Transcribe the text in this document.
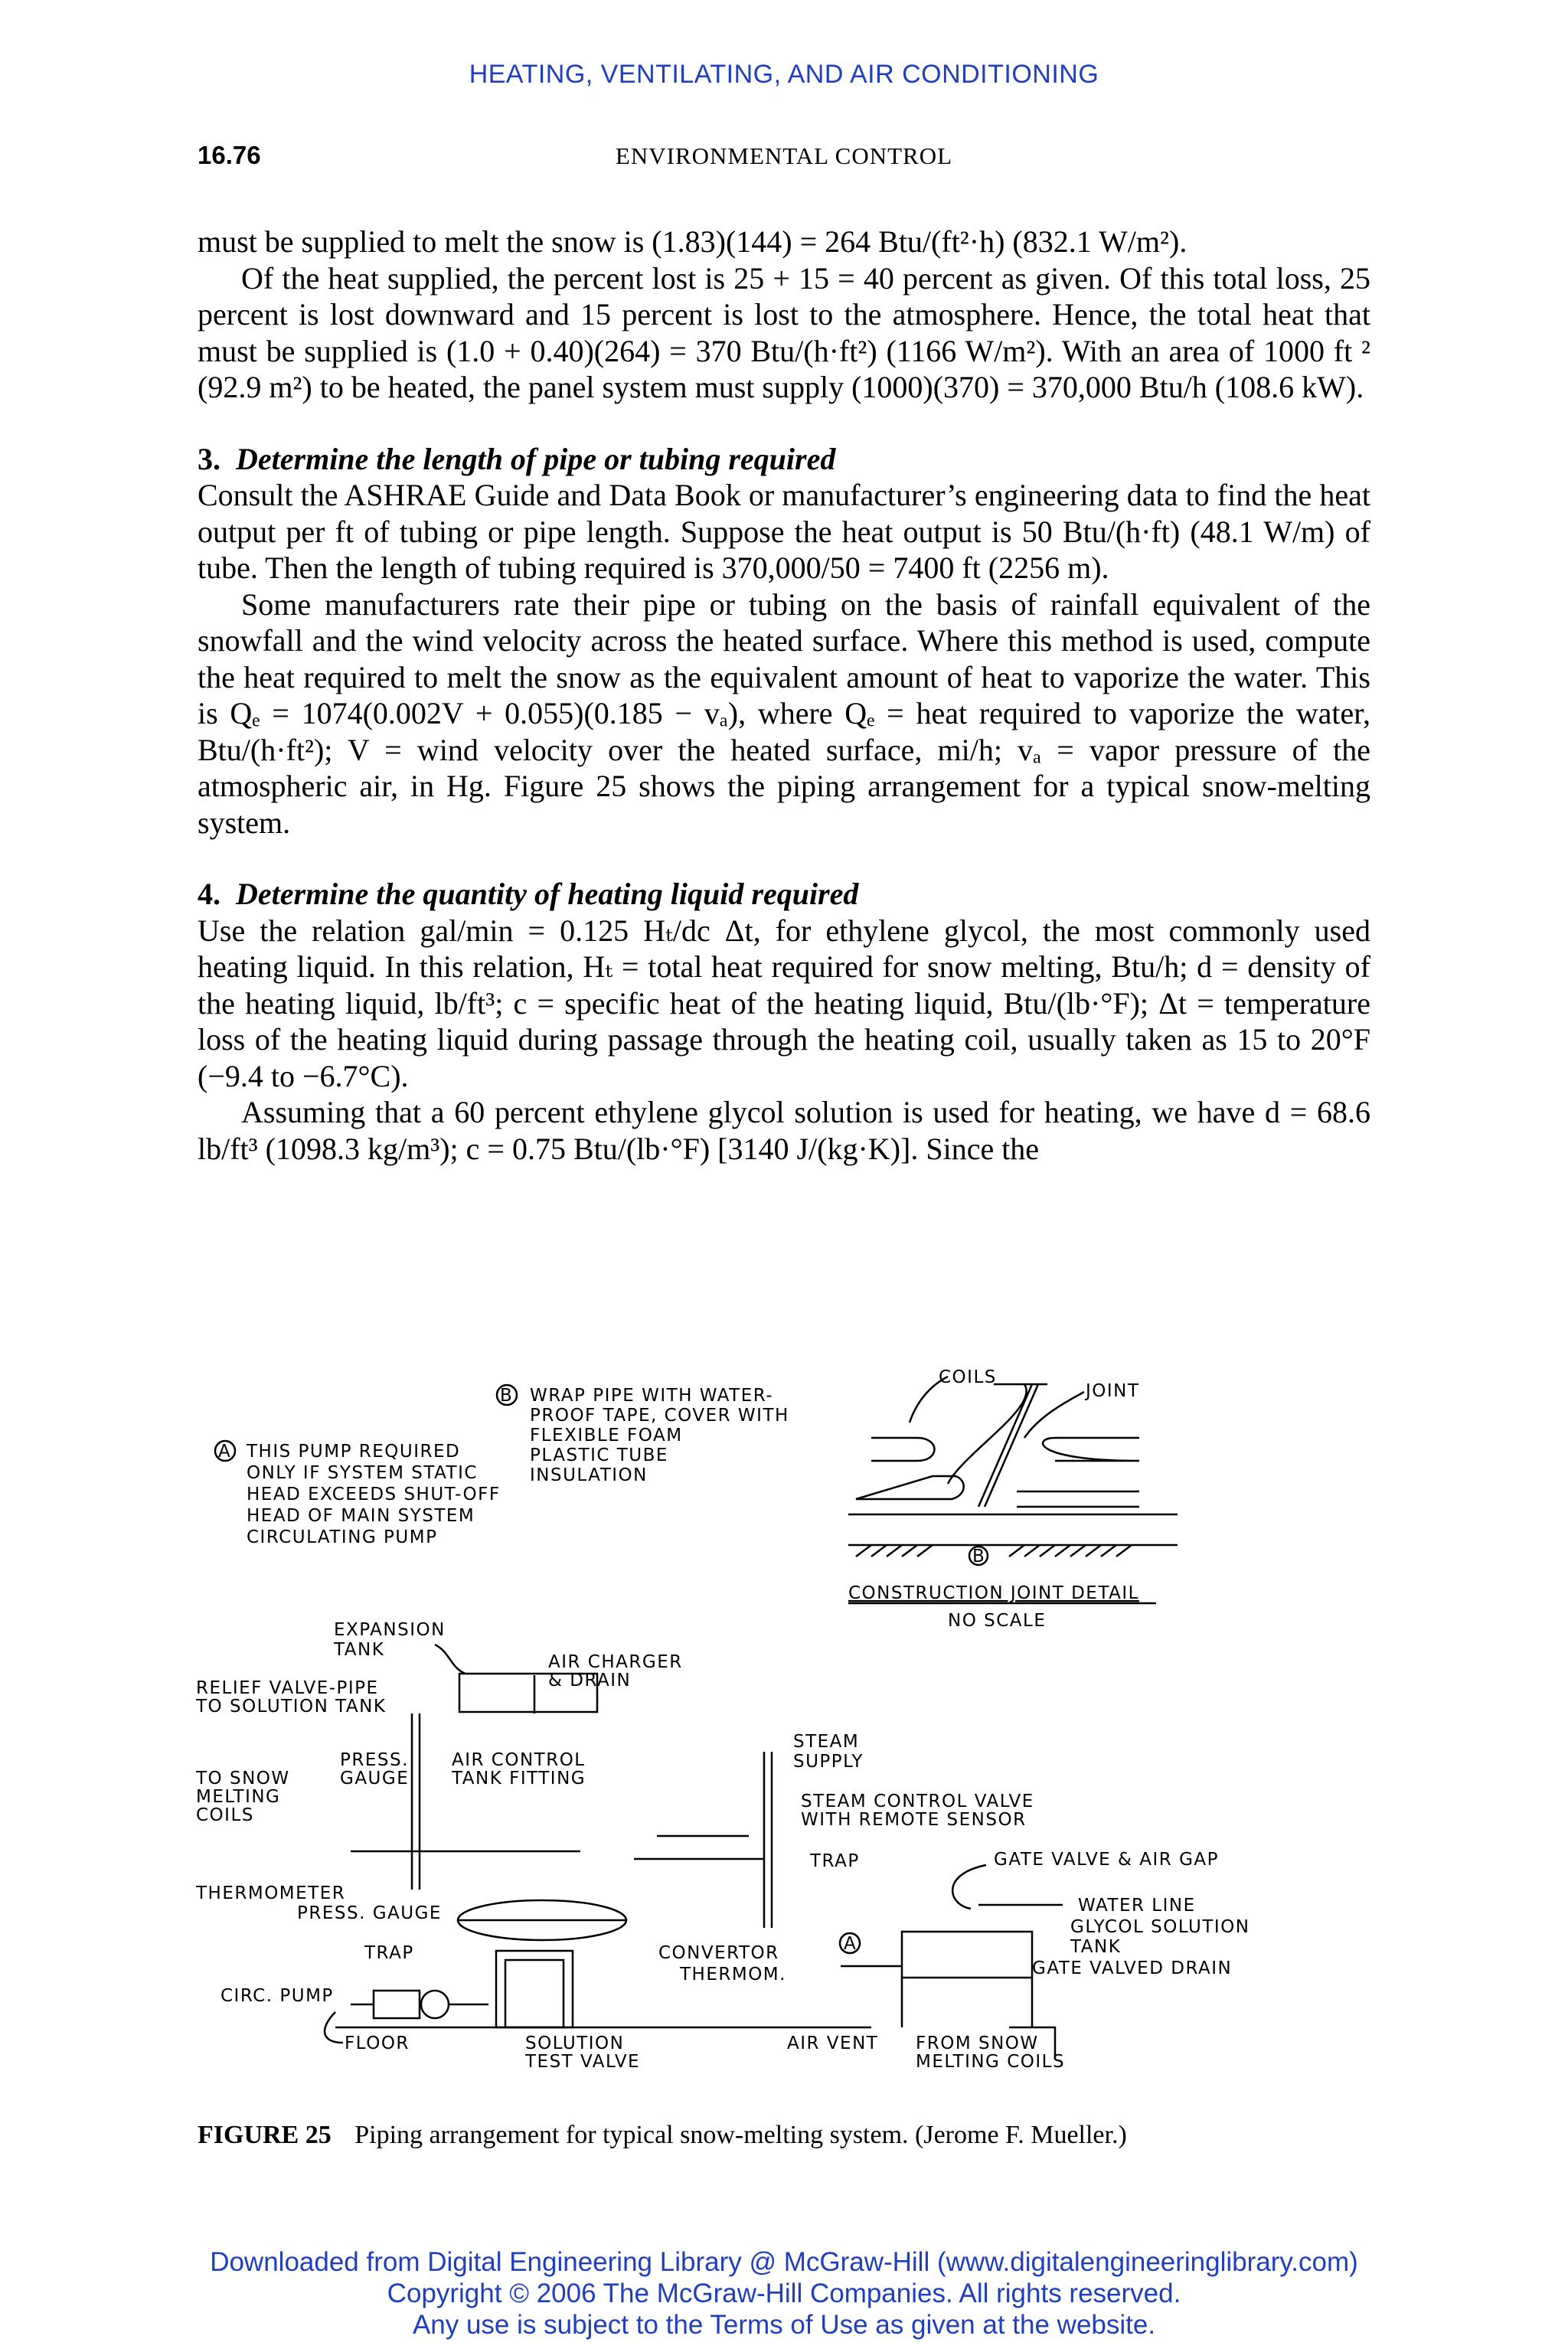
HEATING, VENTILATING, AND AIR CONDITIONING
16.76	ENVIRONMENTAL CONTROL

must be supplied to melt the snow is (1.83)(144) = 264 Btu/(ft²·h) (832.1 W/m²).

Of the heat supplied, the percent lost is 25 + 15 = 40 percent as given. Of this total loss, 25 percent is lost downward and 15 percent is lost to the atmosphere. Hence, the total heat that must be supplied is (1.0 + 0.40)(264) = 370 Btu/(h·ft²) (1166 W/m²). With an area of 1000 ft ² (92.9 m²) to be heated, the panel system must supply (1000)(370) = 370,000 Btu/h (108.6 kW).

3. Determine the length of pipe or tubing required

Consult the ASHRAE Guide and Data Book or manufacturer’s engineering data to find the heat output per ft of tubing or pipe length. Suppose the heat output is 50 Btu/(h·ft) (48.1 W/m) of tube. Then the length of tubing required is 370,000/50 = 7400 ft (2256 m).

Some manufacturers rate their pipe or tubing on the basis of rainfall equivalent of the snowfall and the wind velocity across the heated surface. Where this method is used, compute the heat required to melt the snow as the equivalent amount of heat to vaporize the water. This is Qₑ = 1074(0.002V + 0.055)(0.185 − vₐ), where Qₑ = heat required to vaporize the water, Btu/(h·ft²); V = wind velocity over the heated surface, mi/h; vₐ = vapor pressure of the atmospheric air, in Hg. Figure 25 shows the piping arrangement for a typical snow-melting system.

4. Determine the quantity of heating liquid required

Use the relation gal/min = 0.125 Hₜ/dc Δt, for ethylene glycol, the most commonly used heating liquid. In this relation, Hₜ = total heat required for snow melting, Btu/h; d = density of the heating liquid, lb/ft³; c = specific heat of the heating liquid, Btu/(lb·°F); Δt = temperature loss of the heating liquid during passage through the heating coil, usually taken as 15 to 20°F (−9.4 to −6.7°C).

Assuming that a 60 percent ethylene glycol solution is used for heating, we have d = 68.6 lb/ft³ (1098.3 kg/m³); c = 0.75 Btu/(lb·°F) [3140 J/(kg·K)]. Since the

A THIS PUMP REQUIRED
ONLY IF SYSTEM STATIC
HEAD EXCEEDS SHUT-OFF
HEAD OF MAIN SYSTEM
CIRCULATING PUMP
B WRAP PIPE WITH WATER-
PROOF TAPE, COVER WITH
FLEXIBLE FOAM
PLASTIC TUBE
INSULATION
COILS
JOINT
B
CONSTRUCTION JOINT DETAIL
NO SCALE
EXPANSION
TANK
AIR CHARGER
& DRAIN
RELIEF VALVE-PIPE
TO SOLUTION TANK
STEAM
SUPPLY
PRESS.
GAUGE
AIR CONTROL
TANK FITTING
TO SNOW
MELTING
COILS
STEAM CONTROL VALVE
WITH REMOTE SENSOR
TRAP	GATE VALVE & AIR GAP
WATER LINE
THERMOMETER
PRESS. GAUGE
GLYCOL SOLUTION
TANK
TRAP	CONVERTOR
THERMOM.	GATE VALVED DRAIN
CIRC. PUMP
FLOOR	SOLUTION
TEST VALVE
AIR VENT FROM SNOW
MELTING COILS
A
FIGURE 25 Piping arrangement for typical snow-melting system. (Jerome F. Mueller.)
Downloaded from Digital Engineering Library @ McGraw-Hill (www.digitalengineeringlibrary.com)
Copyright © 2006 The McGraw-Hill Companies. All rights reserved.
Any use is subject to the Terms of Use as given at the website.
